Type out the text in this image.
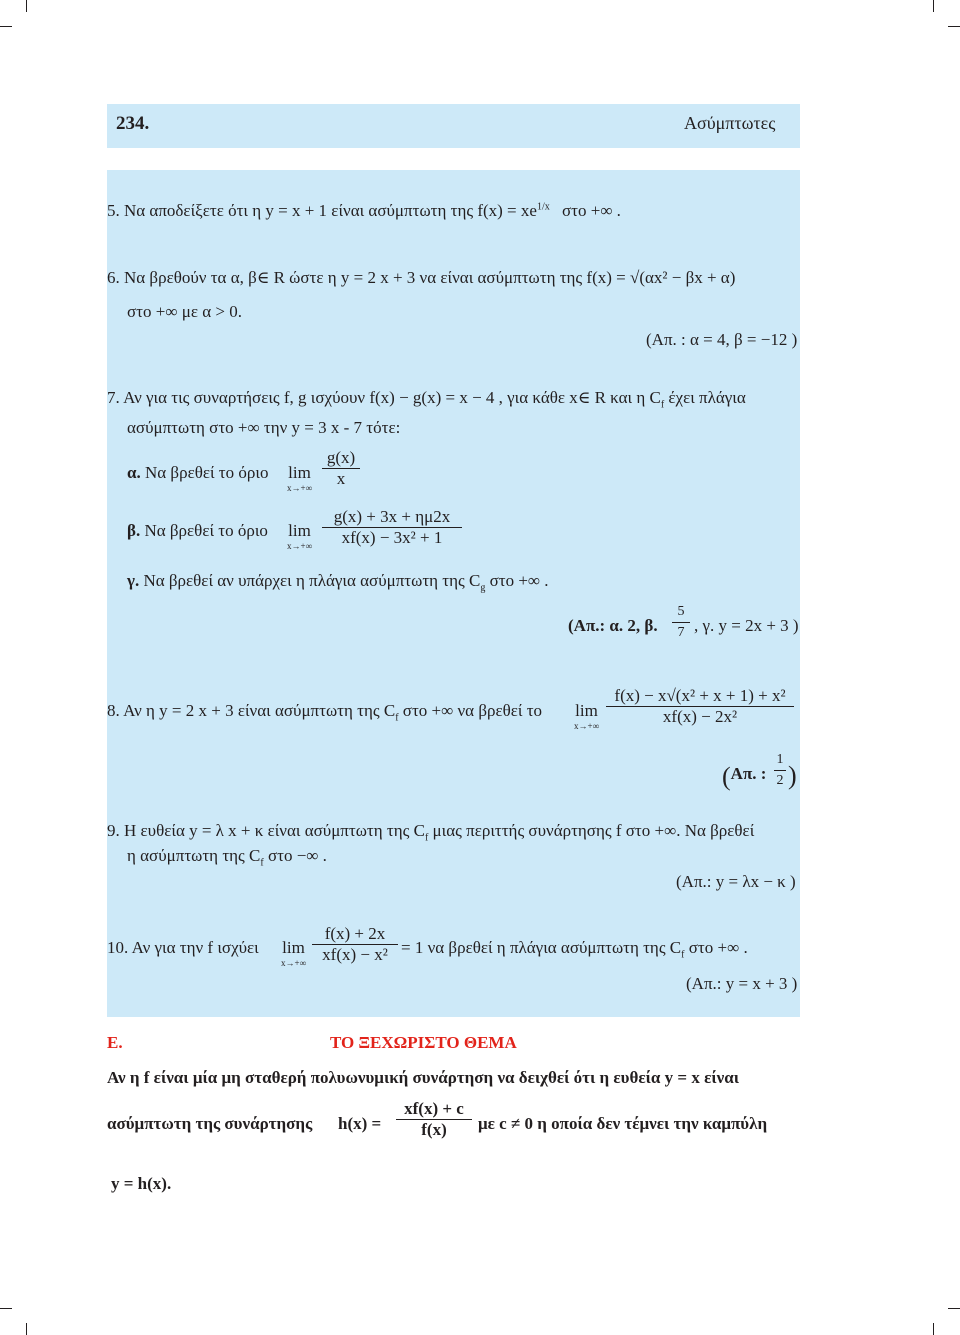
234.	Ασύμπτωτες
5. Να αποδείξετε ότι η y = x + 1 είναι ασύμπτωτη της $f(x) = xe^{1/x}$ στο +∞ .
6. Να βρεθούν τα α, β∈ R ώστε η y = 2 x + 3 να είναι ασύμπτωτη της f(x) = √(αx² − βx + α)
στο +∞ με α > 0.
(Απ. : α = 4, β = −12 )
7. Αν για τις συναρτήσεις f, g ισχύουν f(x) − g(x) = x − 4 , για κάθε x∈ R και η $C_f$ έχει πλάγια
ασύμπτωτη στο +∞ την y = 3 x - 7 τότε:
α. Να βρεθεί το όριο lim
x→+∞
g(x)
x
β. Να βρεθεί το όριο lim
x→+∞
g(x) + 3x + ημ2x
xf(x) − 3x² + 1
γ. Να βρεθεί αν υπάρχει η πλάγια ασύμπτωτη της $C_g$ στο +∞ .
(Απ.: α. 2, β.
5
7 , γ. y = 2x + 3 )
8. Αν η y = 2 x + 3 είναι ασύμπτωτη της $C_f$ στο +∞ να βρεθεί το lim
x→+∞
f(x) − x√(x² + x + 1) + x²
xf(x) − 2x²
(Απ. :
1
2 )
9. Η ευθεία y = λ x + κ είναι ασύμπτωτη της $C_f$ μιας περιττής συνάρτησης f στο +∞. Να βρεθεί
η ασύμπτωτη της $C_f$ στο −∞ .
(Απ.: y = λx − κ )
10. Αν για την f ισχύει lim
x→+∞
f(x) + 2x
xf(x) − x² = 1 να βρεθεί η πλάγια ασύμπτωτη της $C_f$ στο +∞ .
(Απ.: y = x + 3 )
Ε.	ΤΟ ΞΕΧΩΡΙΣΤΟ ΘΕΜΑ
Αν η f είναι μία μη σταθερή πολυωνυμική συνάρτηση να δειχθεί ότι η ευθεία y = x είναι
ασύμπτωτη της συνάρτησης h(x) =
xf(x) + c
f(x) με c ≠ 0 η οποία δεν τέμνει την καμπύλη
y = h(x).
